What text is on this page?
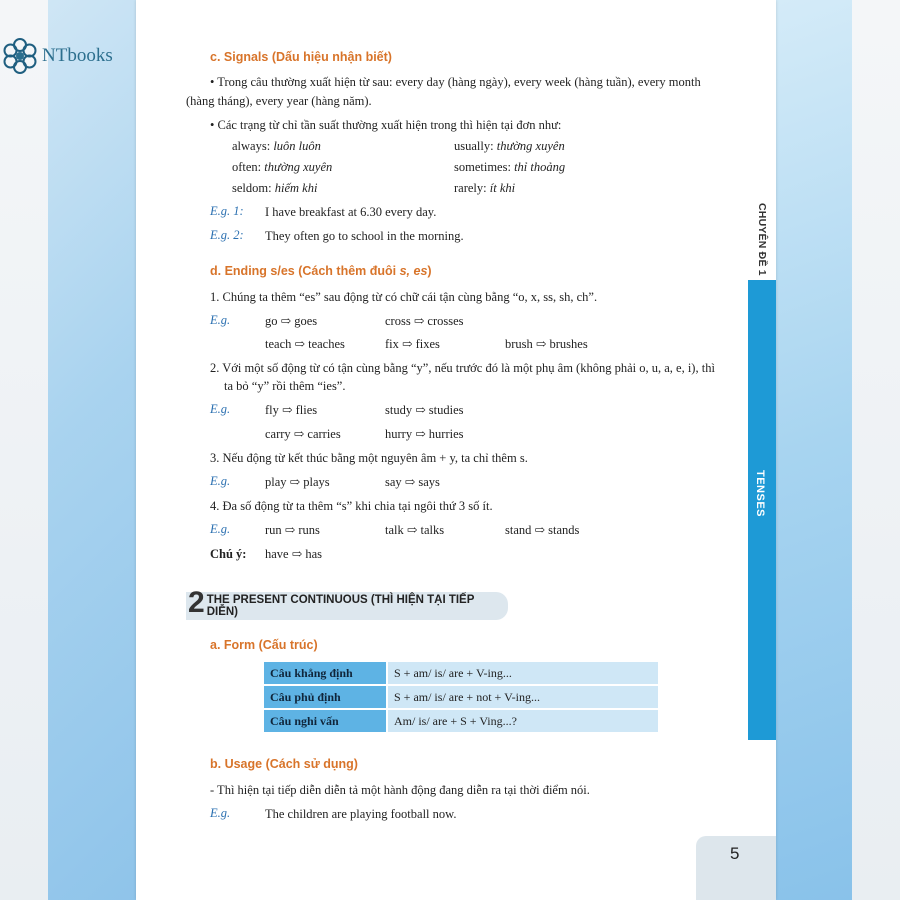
NTbooks	c. Signals (Dấu hiệu nhận biết)
• Trong câu thường xuất hiện từ sau: every day (hàng ngày), every week (hàng tuần), every month
(hàng tháng), every year (hàng năm).
• Các trạng từ chỉ tần suất thường xuất hiện trong thì hiện tại đơn như:
always: luôn luôn	usually: thường xuyên
often: thường xuyên	sometimes: thỉ thoảng
seldom: hiếm khi	rarely: ít khi
E.g. 1: I have breakfast at 6.30 every day.
E.g. 2: They often go to school in the morning.
d. Ending s/es (Cách thêm đuôi s, es)
1. Chúng ta thêm “es” sau động từ có chữ cái tận cùng bằng “o, x, ss, sh, ch”.
E.g.	go ⇨ goes	cross ⇨ crosses
teach ⇨ teaches	fix ⇨ fixes	brush ⇨ brushes
2. Với một số động từ có tận cùng bằng “y”, nếu trước đó là một phụ âm (không phải o, u, a, e, i), thì
ta bỏ “y” rồi thêm “ies”.
E.g.	fly ⇨ flies	study ⇨ studies
carry ⇨ carries	hurry ⇨ hurries
3. Nếu động từ kết thúc bằng một nguyên âm + y, ta chỉ thêm s.
E.g.	play ⇨ plays	say ⇨ says
4. Đa số động từ ta thêm “s” khi chia tại ngôi thứ 3 số ít.
E.g.	run ⇨ runs	talk ⇨ talks	stand ⇨ stands
Chú ý: have ⇨ has
2 THE PRESENT CONTINUOUS (THÌ HIỆN TẠI TIẾP DIỄN)
a. Form (Cấu trúc)
Câu khẳng định	S + am/ is/ are + V-ing...
Câu phủ định	S + am/ is/ are + not + V-ing...
Câu nghi vấn	Am/ is/ are + S + Ving...?
b. Usage (Cách sử dụng)
- Thì hiện tại tiếp diễn diễn tả một hành động đang diễn ra tại thời điểm nói.
E.g.	The children are playing football now.
CHUYÊN ĐỀ 1
TENSES
5
